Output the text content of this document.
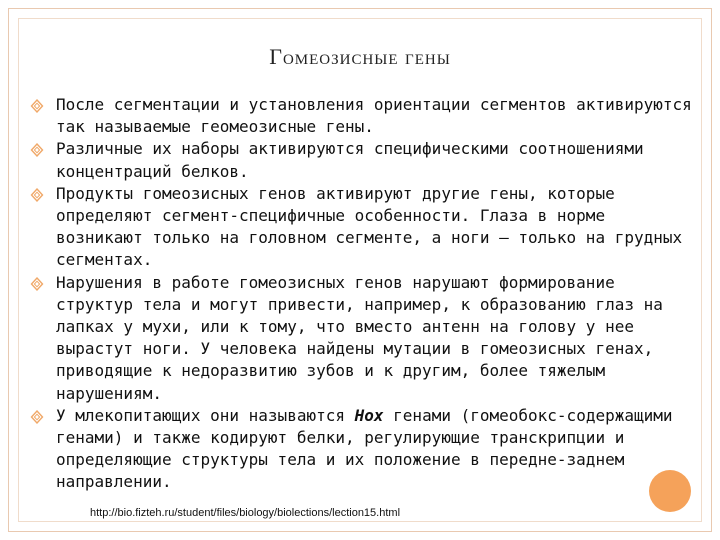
Гомеозисные гены
После сегментации и установления ориентации сегментов активируются так называемые геомеозисные гены.
Различные их наборы активируются специфическими соотношениями концентраций белков.
Продукты гомеозисных генов активируют другие гены, которые определяют сегмент-специфичные особенности. Глаза в норме возникают только на головном сегменте, а ноги – только на грудных сегментах.
Нарушения в работе гомеозисных генов нарушают формирование структур тела и могут привести, например, к образованию глаз на лапках у мухи, или к тому, что вместо антенн на голову у нее вырастут ноги. У человека найдены мутации в гомеозисных генах, приводящие к недоразвитию зубов и к другим, более тяжелым нарушениям.
У млекопитающих они называются Hox генами (гомеобокс-содержащими генами) и также кодируют белки, регулирующие транскрипции и определяющие структуры тела и их положение в передне-заднем направлении.
http://bio.fizteh.ru/student/files/biology/biolections/lection15.html
